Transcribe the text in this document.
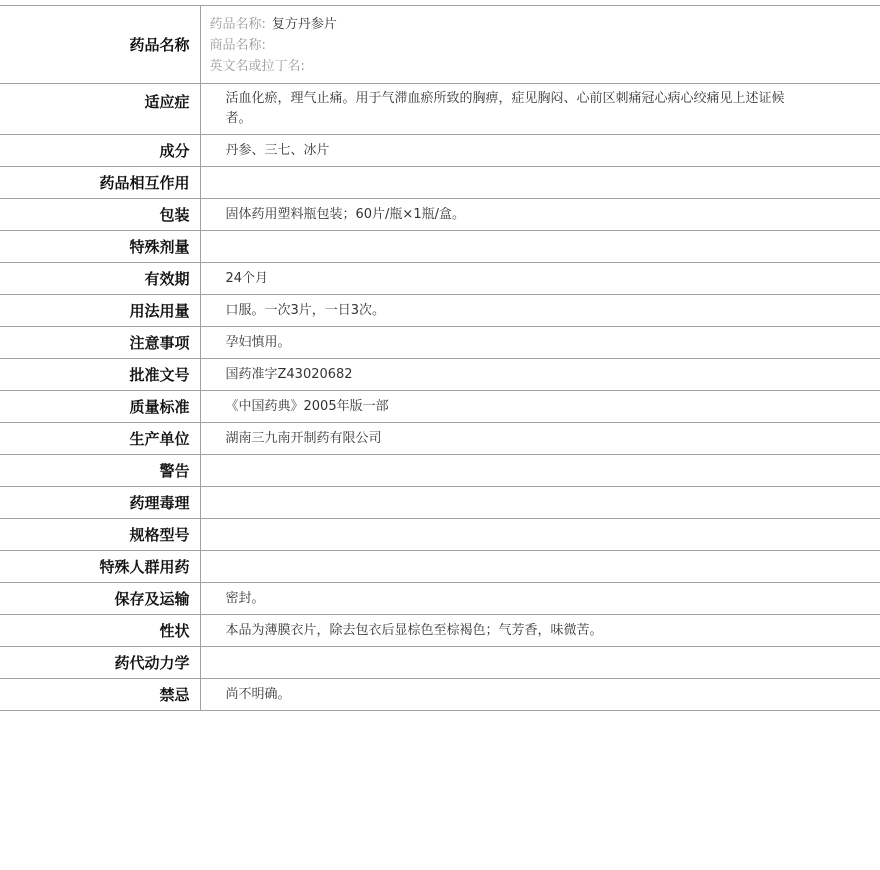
药品名称	药品名称: 复方丹参片
商品名称:
英文名或拉丁名:

适应症	活血化瘀，理气止痛。用于气滞血瘀所致的胸痹，症见胸闷、心前区刺痛冠心病心绞痛见上述证候者。
成分	丹参、三七、冰片
药品相互作用	
包装	固体药用塑料瓶包装；60片/瓶×1瓶/盒。
特殊剂量	
有效期	24个月
用法用量	口服。一次3片，一日3次。
注意事项	孕妇慎用。
批准文号	国药准字Z43020682
质量标准	《中国药典》2005年版一部
生产单位	湖南三九南开制药有限公司
警告	
药理毒理	
规格型号	
特殊人群用药	
保存及运输	密封。
性状	本品为薄膜衣片，除去包衣后显棕色至棕褐色；气芳香，味微苦。
药代动力学	
禁忌	尚不明确。
